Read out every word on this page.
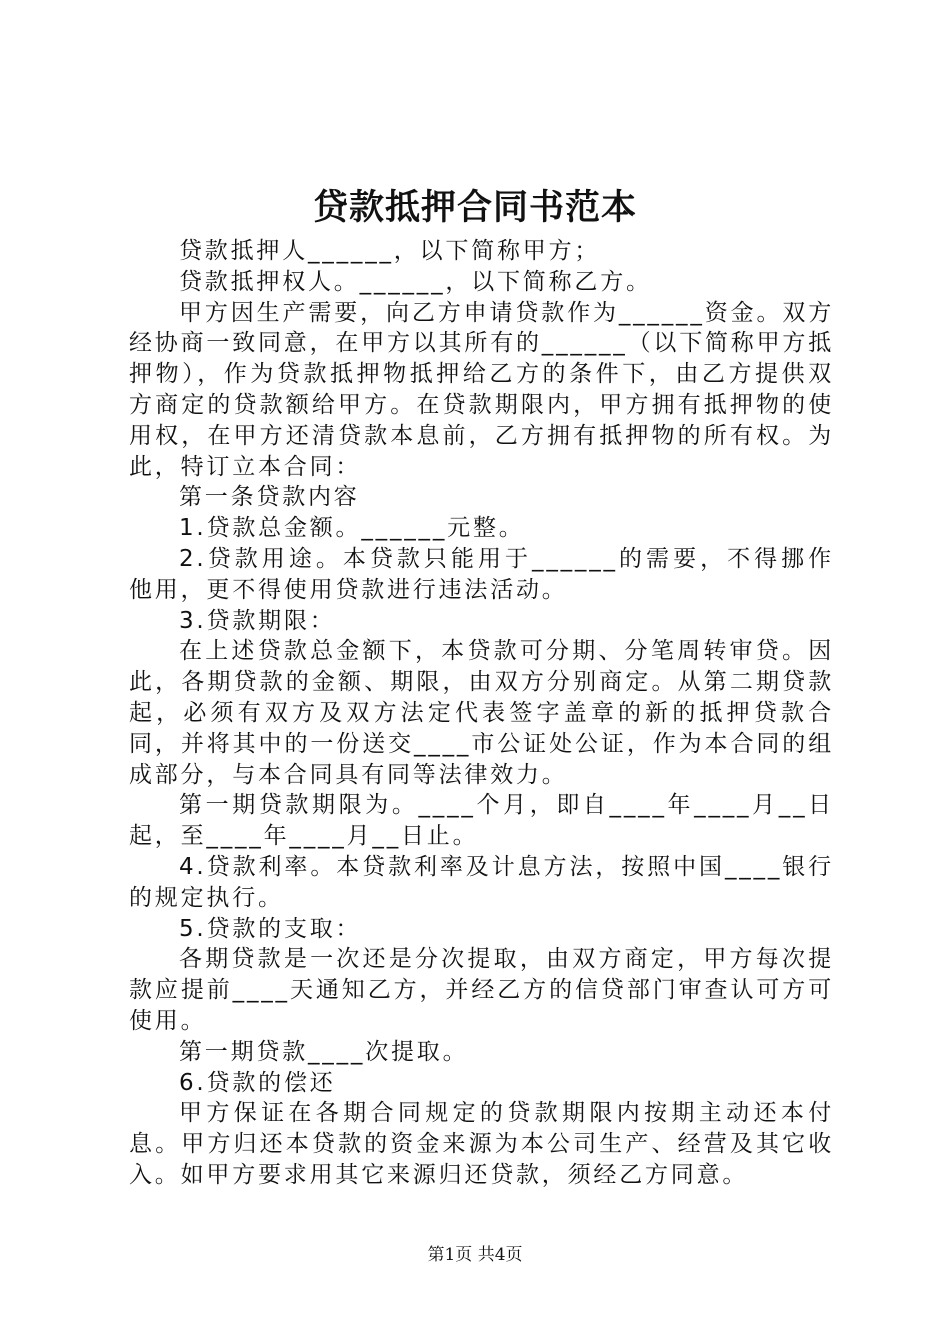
贷款抵押合同书范本

贷款抵押人______，以下简称甲方；

贷款抵押权人。______，以下简称乙方。

甲方因生产需要，向乙方申请贷款作为______资金。双方经协商一致同意，在甲方以其所有的______（以下简称甲方抵押物），作为贷款抵押物抵押给乙方的条件下，由乙方提供双方商定的贷款额给甲方。在贷款期限内，甲方拥有抵押物的使用权，在甲方还清贷款本息前，乙方拥有抵押物的所有权。为此，特订立本合同：

第一条贷款内容

1.贷款总金额。______元整。

2.贷款用途。本贷款只能用于______的需要，不得挪作他用，更不得使用贷款进行违法活动。

3.贷款期限：

在上述贷款总金额下，本贷款可分期、分笔周转审贷。因此，各期贷款的金额、期限，由双方分别商定。从第二期贷款起，必须有双方及双方法定代表签字盖章的新的抵押贷款合同，并将其中的一份送交____市公证处公证，作为本合同的组成部分，与本合同具有同等法律效力。

第一期贷款期限为。____个月，即自____年____月__日起，至____年____月__日止。

4.贷款利率。本贷款利率及计息方法，按照中国____银行的规定执行。

5.贷款的支取：

各期贷款是一次还是分次提取，由双方商定，甲方每次提款应提前____天通知乙方，并经乙方的信贷部门审查认可方可使用。

第一期贷款____次提取。

6.贷款的偿还

甲方保证在各期合同规定的贷款期限内按期主动还本付息。甲方归还本贷款的资金来源为本公司生产、经营及其它收入。如甲方要求用其它来源归还贷款，须经乙方同意。

第1页 共4页
